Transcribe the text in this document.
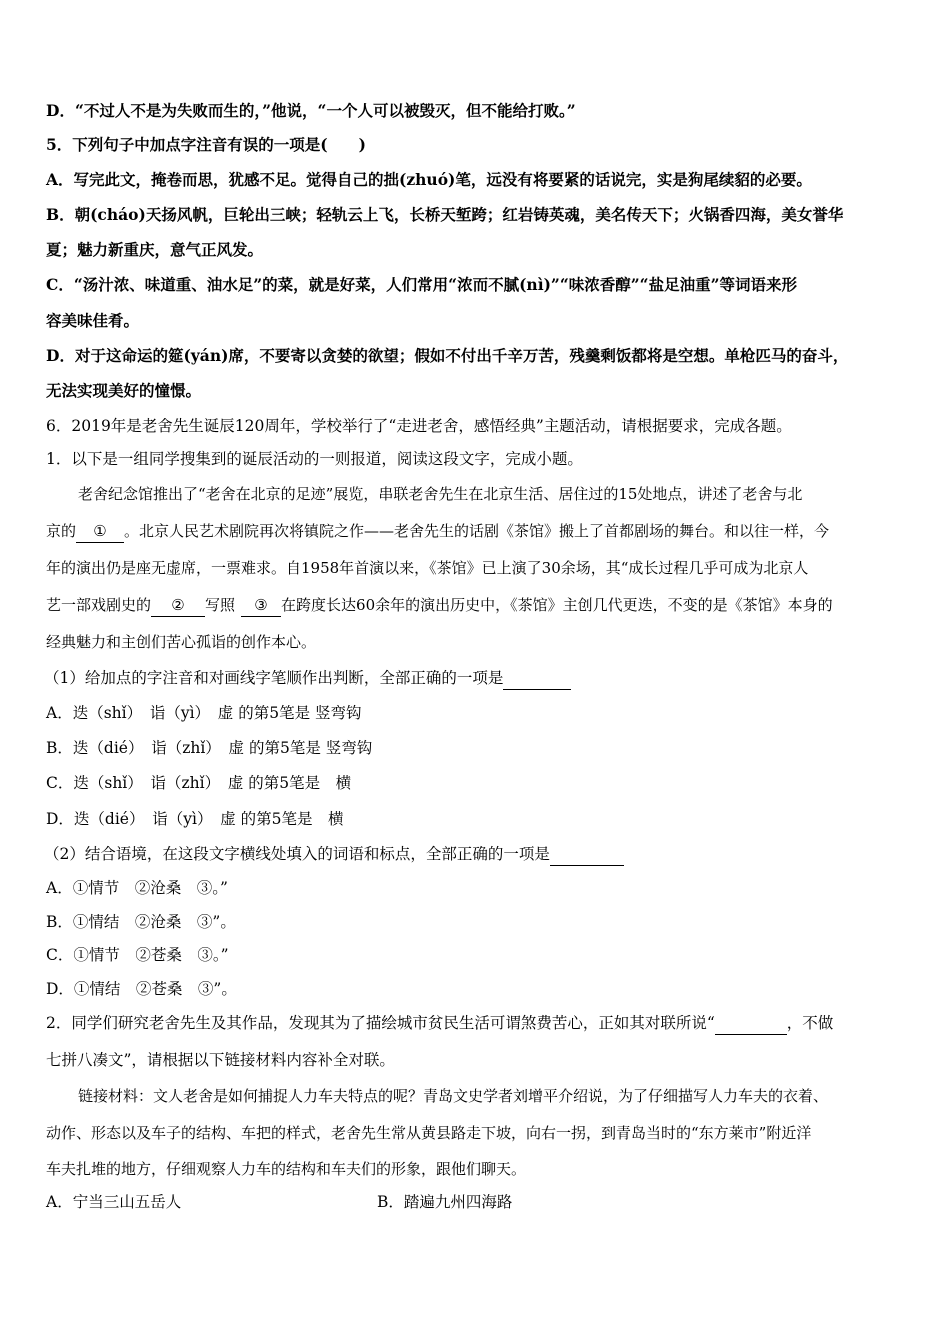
D．“不过人不是为失败而生的，”他说，“一个人可以被毁灭，但不能给打败。”
5．下列句子中加点字注音有误的一项是(　　)
A．写完此文，掩卷而思，犹感不足。觉得自己的拙(zhuó)笔，远没有将要紧的话说完，实是狗尾续貂的必要。
B．朝(cháo)天扬风帆，巨轮出三峡；轻轨云上飞，长桥天堑跨；红岩铸英魂，美名传天下；火锅香四海，美女誉华
夏；魅力新重庆，意气正风发。
C．“汤汁浓、味道重、油水足”的菜，就是好菜，人们常用“浓而不腻(nì)”“味浓香醇”“盐足油重”等词语来形
容美味佳肴。
D．对于这命运的筵(yán)席，不要寄以贪婪的欲望；假如不付出千辛万苦，残羹剩饭都将是空想。单枪匹马的奋斗，
无法实现美好的憧憬。
6．2019年是老舍先生诞辰120周年，学校举行了“走进老舍，感悟经典”主题活动，请根据要求，完成各题。
1．以下是一组同学搜集到的诞辰活动的一则报道，阅读这段文字，完成小题。
老舍纪念馆推出了“老舍在北京的足迹”展览，串联老舍先生在北京生活、居住过的15处地点，讲述了老舍与北
京的 ① 。北京人民艺术剧院再次将镇院之作——老舍先生的话剧《茶馆》搬上了首都剧场的舞台。和以往一样，今
年的演出仍是座无虚席，一票难求。自1958年首演以来，《茶馆》已上演了30余场，其“成长过程几乎可成为北京人
艺一部戏剧史的 ② 写照 ③ 在跨度长达60余年的演出历史中，《茶馆》主创几代更迭，不变的是《茶馆》本身的
经典魅力和主创们苦心孤诣的创作本心。
（1）给加点的字注音和对画线字笔顺作出判断，全部正确的一项是
A．迭（shǐ）　诣（yì）　虚 的第5笔是 竖弯钩
B．迭（dié）　诣（zhǐ）　虚 的第5笔是 竖弯钩
C．迭（shǐ）　诣（zhǐ）　虚 的第5笔是　横
D．迭（dié）　诣（yì）　虚 的第5笔是　横
（2）结合语境，在这段文字横线处填入的词语和标点，全部正确的一项是
A．①情节　②沧桑　③。”
B．①情结　②沧桑　③”。
C．①情节　②苍桑　③。”
D．①情结　②苍桑　③”。
2．同学们研究老舍先生及其作品，发现其为了描绘城市贫民生活可谓煞费苦心，正如其对联所说“	，不做
七拼八凑文”，请根据以下链接材料内容补全对联。
链接材料：文人老舍是如何捕捉人力车夫特点的呢？青岛文史学者刘增平介绍说，为了仔细描写人力车夫的衣着、
动作、形态以及车子的结构、车把的样式，老舍先生常从黄县路走下坡，向右一拐，到青岛当时的“东方莱市”附近洋
车夫扎堆的地方，仔细观察人力车的结构和车夫们的形象，跟他们聊天。
A．宁当三山五岳人	B．踏遍九州四海路
